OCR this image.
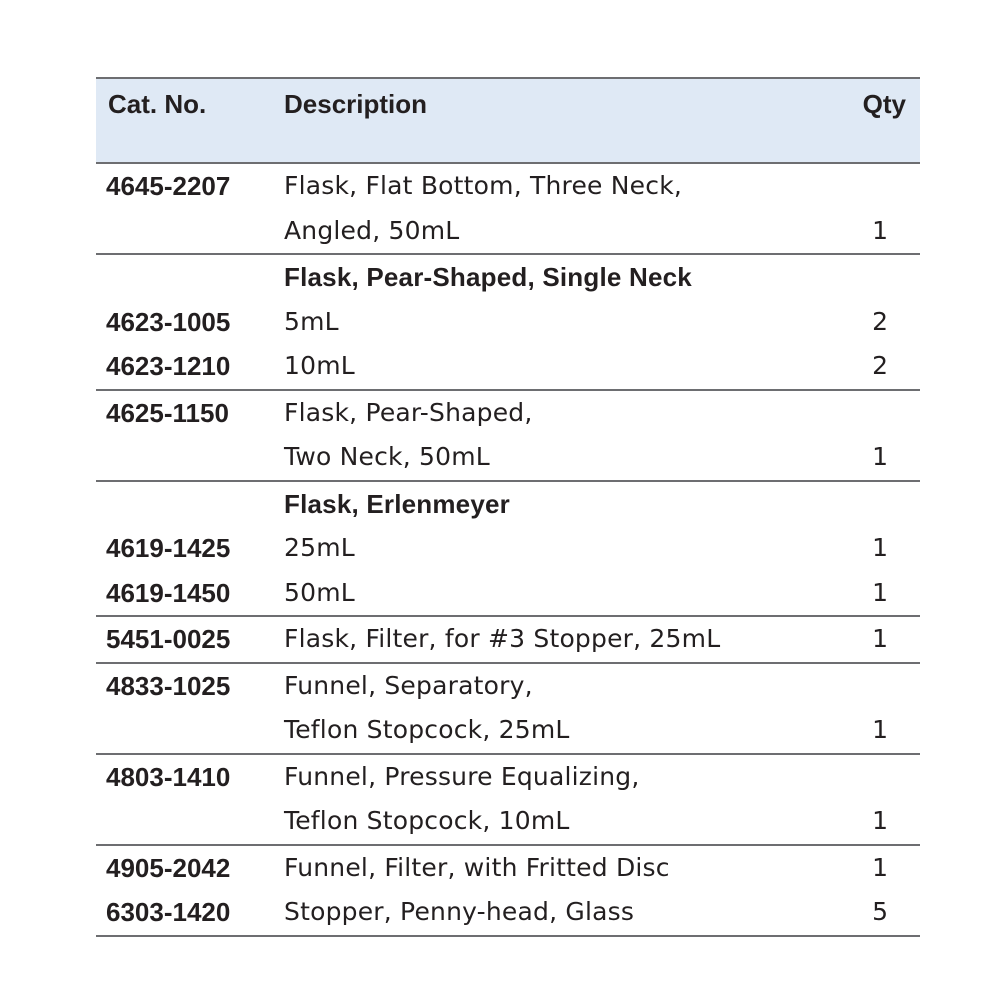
Cat. No.	Description	Qty
4645-2207 Flask, Flat Bottom, Three Neck,
Angled, 50mL	1
Flask, Pear-Shaped, Single Neck
4623-1005 5mL	2
4623-1210 10mL	2
4625-1150 Flask, Pear-Shaped,
Two Neck, 50mL	1
Flask, Erlenmeyer
4619-1425 25mL	1
4619-1450 50mL	1
5451-0025 Flask, Filter, for #3 Stopper, 25mL	1
4833-1025 Funnel, Separatory,
Teflon Stopcock, 25mL	1
4803-1410 Funnel, Pressure Equalizing,
Teflon Stopcock, 10mL	1
4905-2042 Funnel, Filter, with Fritted Disc	1
6303-1420 Stopper, Penny-head, Glass	5
